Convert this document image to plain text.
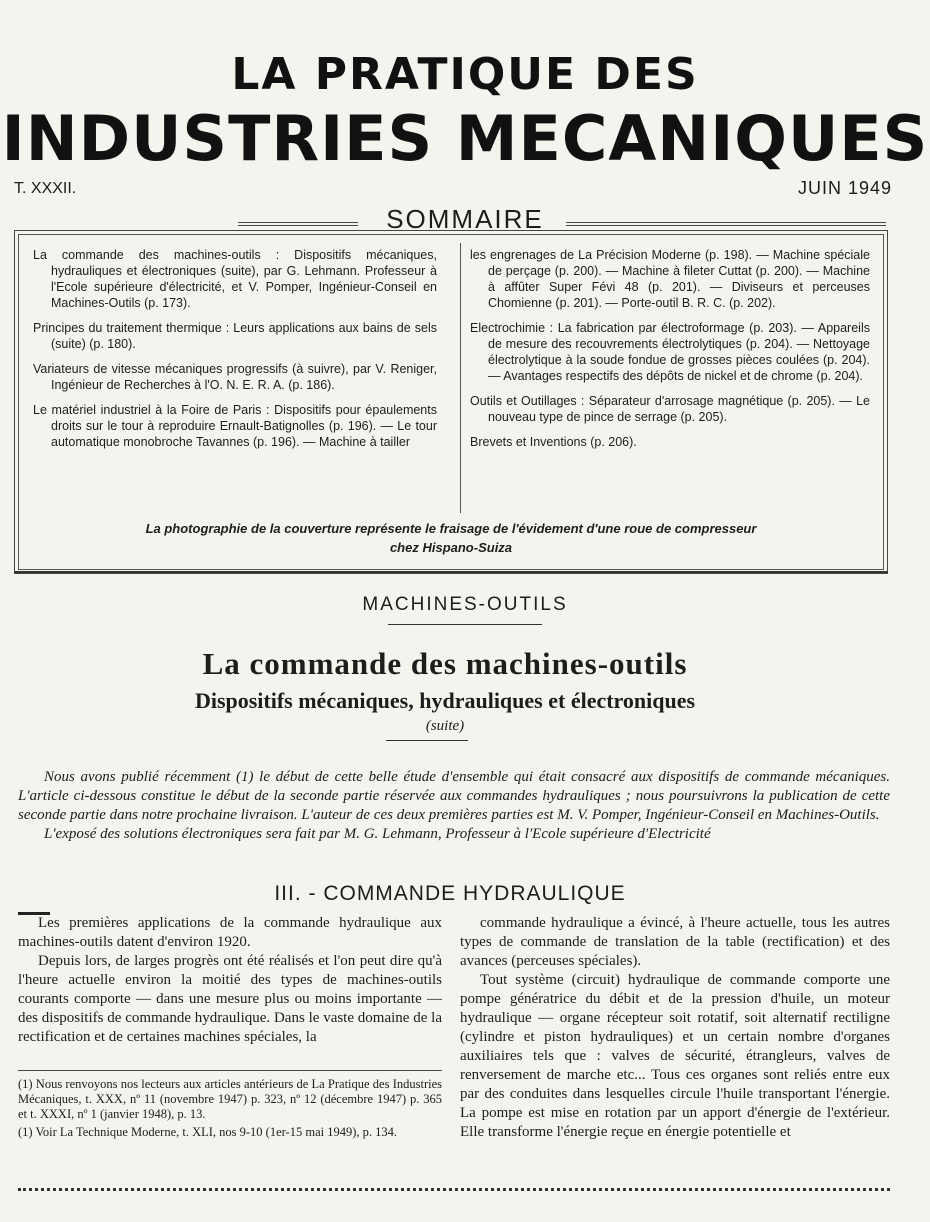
LA PRATIQUE DES
INDUSTRIES MECANIQUES
T. XXXII.	JUIN 1949
SOMMAIRE

La commande des machines-outils : Dispositifs mécaniques, hydrauliques et électroniques (suite), par G. Lehmann. Professeur à l'Ecole supérieure d'électricité, et V. Pomper, Ingénieur-Conseil en Machines-Outils (p. 173).

Principes du traitement thermique : Leurs applications aux bains de sels (suite) (p. 180).

Variateurs de vitesse mécaniques progressifs (à suivre), par V. Reniger, Ingénieur de Recherches à l'O. N. E. R. A. (p. 186).

Le matériel industriel à la Foire de Paris : Dispositifs pour épaulements droits sur le tour à reproduire Ernault-Batignolles (p. 196). — Le tour automatique monobroche Tavannes (p. 196). — Machine à tailler

les engrenages de La Précision Moderne (p. 198). — Machine spéciale de perçage (p. 200). — Machine à fileter Cuttat (p. 200). — Machine à affûter Super Févi 48 (p. 201). — Diviseurs et perceuses Chomienne (p. 201). — Porte-outil B. R. C. (p. 202).

Electrochimie : La fabrication par électroformage (p. 203). — Appareils de mesure des recouvrements électrolytiques (p. 204). — Nettoyage électrolytique à la soude fondue de grosses pièces coulées (p. 204). — Avantages respectifs des dépôts de nickel et de chrome (p. 204).

Outils et Outillages : Séparateur d'arrosage magnétique (p. 205). — Le nouveau type de pince de serrage (p. 205).

Brevets et Inventions (p. 206).

La photographie de la couverture représente le fraisage de l'évidement d'une roue de compresseur
chez Hispano-Suiza
MACHINES-OUTILS
La commande des machines-outils
Dispositifs mécaniques, hydrauliques et électroniques
(suite)

Nous avons publié récemment (1) le début de cette belle étude d'ensemble qui était consacré aux dispositifs de commande mécaniques. L'article ci-dessous constitue le début de la seconde partie réservée aux commandes hydrauliques ; nous poursuivrons la publication de cette seconde partie dans notre prochaine livraison. L'auteur de ces deux premières parties est M. V. Pomper, Ingénieur-Conseil en Machines-Outils.

L'exposé des solutions électroniques sera fait par M. G. Lehmann, Professeur à l'Ecole supérieure d'Electricité

III. - COMMANDE HYDRAULIQUE

Les premières applications de la commande hydraulique aux machines-outils datent d'environ 1920.

Depuis lors, de larges progrès ont été réalisés et l'on peut dire qu'à l'heure actuelle environ la moitié des types de machines-outils courants comporte — dans une mesure plus ou moins importante — des dispositifs de commande hydraulique. Dans le vaste domaine de la rectification et de certaines machines spéciales, la

commande hydraulique a évincé, à l'heure actuelle, tous les autres types de commande de translation de la table (rectification) et des avances (perceuses spéciales).

Tout système (circuit) hydraulique de commande comporte une pompe génératrice du débit et de la pression d'huile, un moteur hydraulique — organe récepteur soit rotatif, soit alternatif rectiligne (cylindre et piston hydrauliques) et un certain nombre d'organes auxiliaires tels que : valves de sécurité, étrangleurs, valves de renversement de marche etc... Tous ces organes sont reliés entre eux par des conduites dans lesquelles circule l'huile transportant l'énergie. La pompe est mise en rotation par un apport d'énergie de l'extérieur. Elle transforme l'énergie reçue en énergie potentielle et

(1) Nous renvoyons nos lecteurs aux articles antérieurs de La Pratique des Industries Mécaniques, t. XXX, nº 11 (novembre 1947) p. 323, nº 12 (décembre 1947) p. 365 et t. XXXI, nº 1 (janvier 1948), p. 13.

(1) Voir La Technique Moderne, t. XLI, nos 9-10 (1er-15 mai 1949), p. 134.
